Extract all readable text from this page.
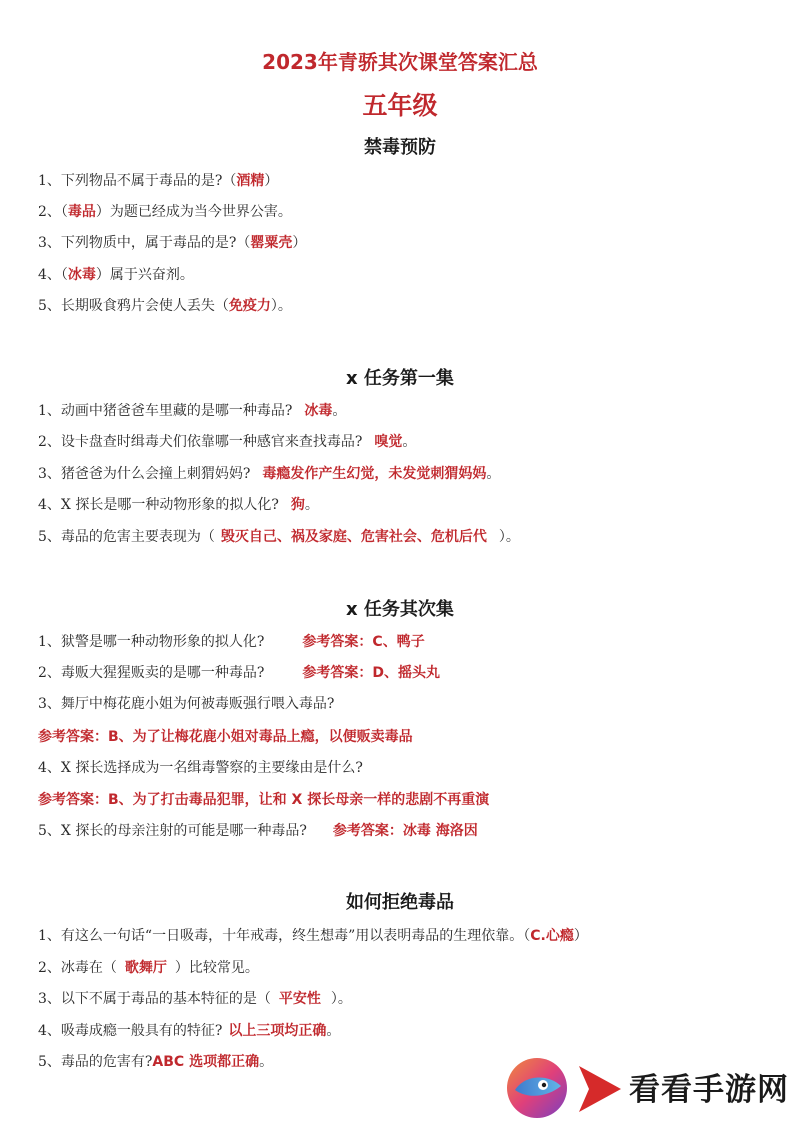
2023年青骄其次课堂答案汇总
五年级
禁毒预防
1、下列物品不属于毒品的是?（酒精）
2、（毒品）为题已经成为当今世界公害。
3、下列物质中，属于毒品的是?（罂粟壳）
4、（冰毒）属于兴奋剂。
5、长期吸食鸦片会使人丢失（免疫力）。
x 任务第一集
1、动画中猪爸爸车里藏的是哪一种毒品? 冰毒。
2、设卡盘查时缉毒犬们依靠哪一种感官来查找毒品? 嗅觉。
3、猪爸爸为什么会撞上刺猬妈妈? 毒瘾发作产生幻觉，未发觉刺猬妈妈。
4、X 探长是哪一种动物形象的拟人化? 狗。
5、毒品的危害主要表现为（ 毁灭自己、祸及家庭、危害社会、危机后代 ）。
x 任务其次集
1、狱警是哪一种动物形象的拟人化?	参考答案：C、鸭子
2、毒贩大猩猩贩卖的是哪一种毒品?	参考答案：D、摇头丸
3、舞厅中梅花鹿小姐为何被毒贩强行喂入毒品?
参考答案：B、为了让梅花鹿小姐对毒品上瘾，以便贩卖毒品
4、X 探长选择成为一名缉毒警察的主要缘由是什么?
参考答案：B、为了打击毒品犯罪，让和 X 探长母亲一样的悲剧不再重演
5、X 探长的母亲注射的可能是哪一种毒品? 参考答案：冰毒 海洛因
如何拒绝毒品
1、有这么一句话“一日吸毒，十年戒毒，终生想毒”用以表明毒品的生理依靠。（C.心瘾）
2、冰毒在（ 歌舞厅 ）比较常见。
3、以下不属于毒品的基本特征的是（ 平安性 ）。
4、吸毒成瘾一般具有的特征? 以上三项均正确。
5、毒品的危害有?ABC 选项都正确。
看看手游网
